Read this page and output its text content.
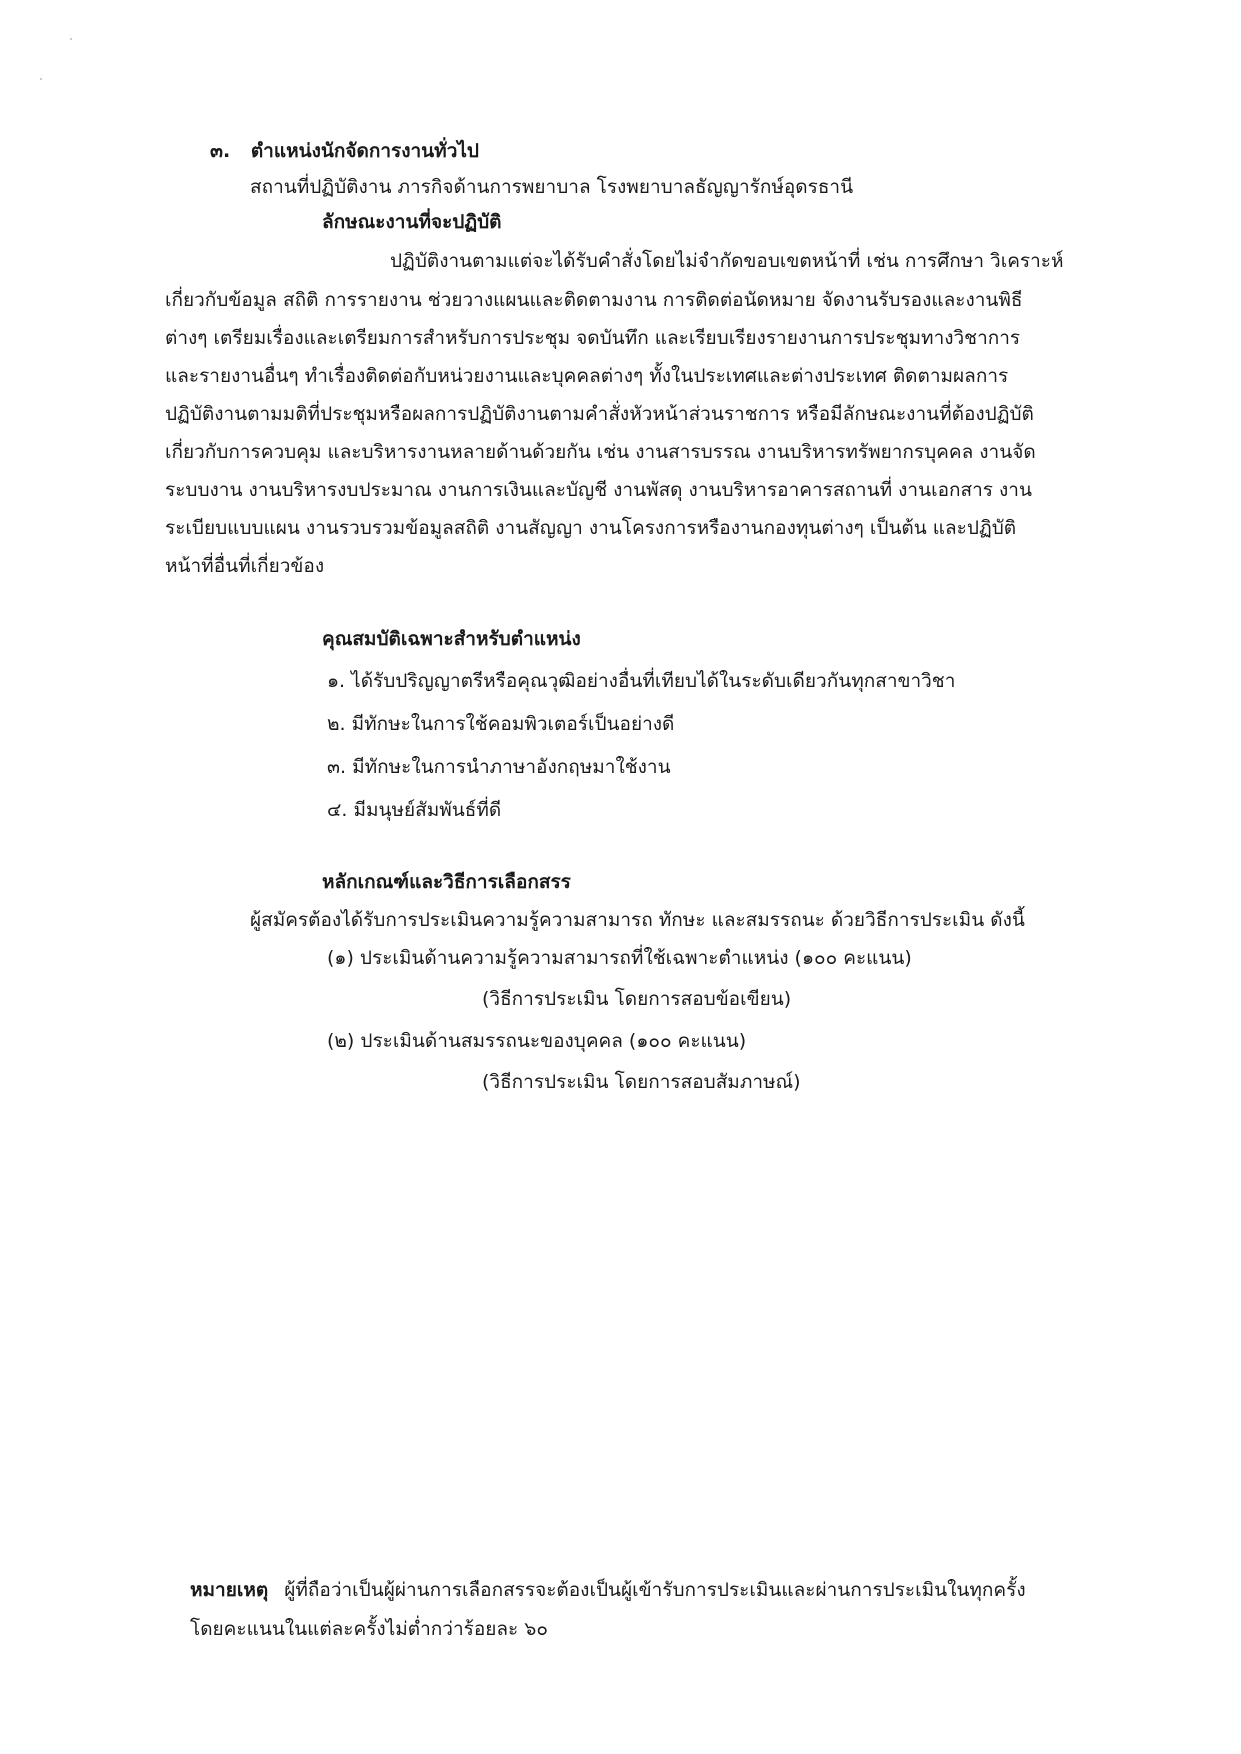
๓. ตำแหน่งนักจัดการงานทั่วไป
สถานที่ปฏิบัติงาน ภารกิจด้านการพยาบาล โรงพยาบาลธัญญารักษ์อุดรธานี
ลักษณะงานที่จะปฏิบัติ
ปฏิบัติงานตามแต่จะได้รับคำสั่งโดยไม่จำกัดขอบเขตหน้าที่ เช่น การศึกษา วิเคราะห์
เกี่ยวกับข้อมูล สถิติ การรายงาน ช่วยวางแผนและติดตามงาน การติดต่อนัดหมาย จัดงานรับรองและงานพิธี
ต่างๆ เตรียมเรื่องและเตรียมการสำหรับการประชุม จดบันทึก และเรียบเรียงรายงานการประชุมทางวิชาการ
และรายงานอื่นๆ ทำเรื่องติดต่อกับหน่วยงานและบุคคลต่างๆ ทั้งในประเทศและต่างประเทศ ติดตามผลการ
ปฏิบัติงานตามมติที่ประชุมหรือผลการปฏิบัติงานตามคำสั่งหัวหน้าส่วนราชการ หรือมีลักษณะงานที่ต้องปฏิบัติ
เกี่ยวกับการควบคุม และบริหารงานหลายด้านด้วยกัน เช่น งานสารบรรณ งานบริหารทรัพยากรบุคคล งานจัด
ระบบงาน งานบริหารงบประมาณ งานการเงินและบัญชี งานพัสดุ งานบริหารอาคารสถานที่ งานเอกสาร งาน
ระเบียบแบบแผน งานรวบรวมข้อมูลสถิติ งานสัญญา งานโครงการหรืองานกองทุนต่างๆ เป็นต้น และปฏิบัติ
หน้าที่อื่นที่เกี่ยวข้อง
คุณสมบัติเฉพาะสำหรับตำแหน่ง
๑. ได้รับปริญญาตรีหรือคุณวุฒิอย่างอื่นที่เทียบได้ในระดับเดียวกันทุกสาขาวิชา
๒. มีทักษะในการใช้คอมพิวเตอร์เป็นอย่างดี
๓. มีทักษะในการนำภาษาอังกฤษมาใช้งาน
๔. มีมนุษย์สัมพันธ์ที่ดี
หลักเกณฑ์และวิธีการเลือกสรร
ผู้สมัครต้องได้รับการประเมินความรู้ความสามารถ ทักษะ และสมรรถนะ ด้วยวิธีการประเมิน ดังนี้
(๑) ประเมินด้านความรู้ความสามารถที่ใช้เฉพาะตำแหน่ง (๑๐๐ คะแนน)
(วิธีการประเมิน โดยการสอบข้อเขียน)
(๒) ประเมินด้านสมรรถนะของบุคคล (๑๐๐ คะแนน)
(วิธีการประเมิน โดยการสอบสัมภาษณ์)
หมายเหตุ ผู้ที่ถือว่าเป็นผู้ผ่านการเลือกสรรจะต้องเป็นผู้เข้ารับการประเมินและผ่านการประเมินในทุกครั้ง
โดยคะแนนในแต่ละครั้งไม่ต่ำกว่าร้อยละ ๖๐
